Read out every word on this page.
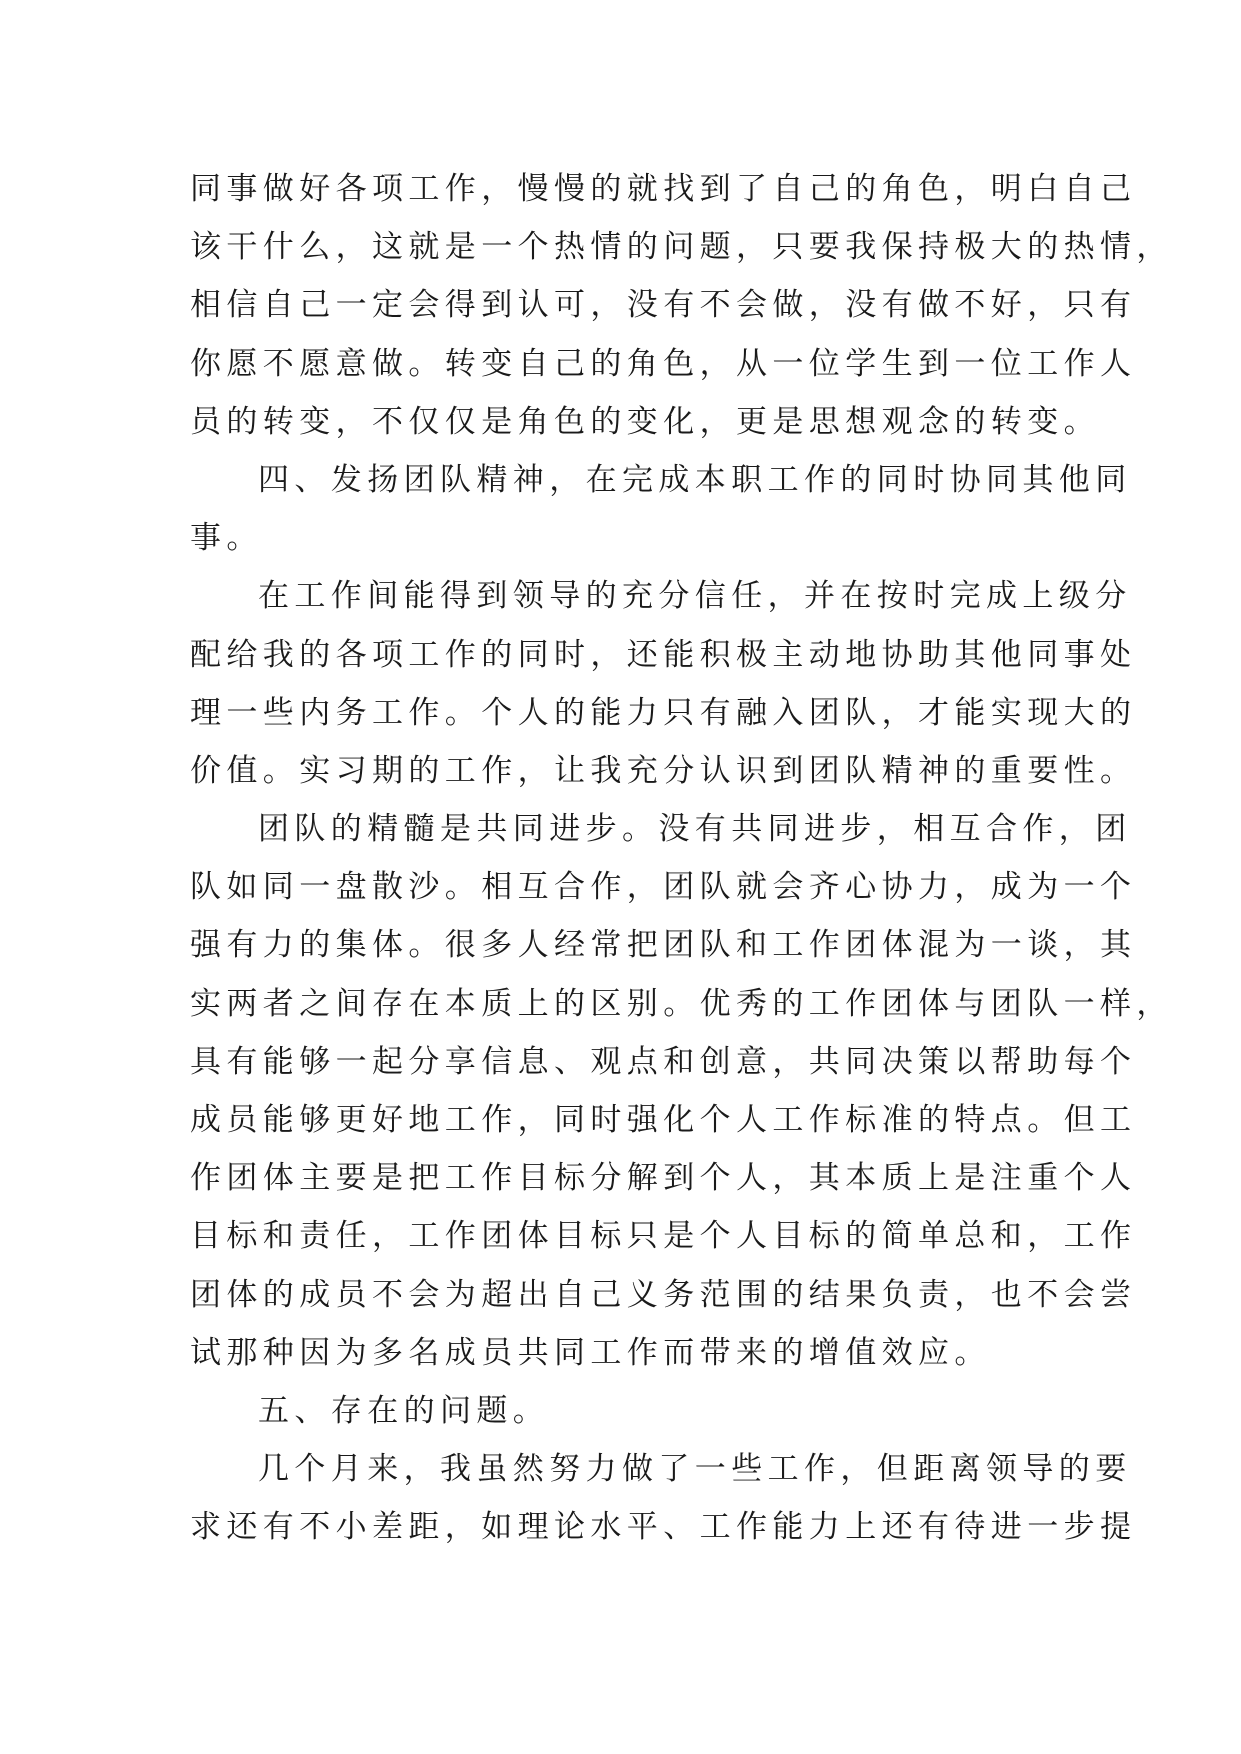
同事做好各项工作，慢慢的就找到了自己的角色，明白自己
该干什么，这就是一个热情的问题，只要我保持极大的热情，
相信自己一定会得到认可，没有不会做，没有做不好，只有
你愿不愿意做。转变自己的角色，从一位学生到一位工作人
员的转变，不仅仅是角色的变化，更是思想观念的转变。
四、发扬团队精神，在完成本职工作的同时协同其他同
事。
在工作间能得到领导的充分信任，并在按时完成上级分
配给我的各项工作的同时，还能积极主动地协助其他同事处
理一些内务工作。个人的能力只有融入团队，才能实现大的
价值。实习期的工作，让我充分认识到团队精神的重要性。
团队的精髓是共同进步。没有共同进步，相互合作，团
队如同一盘散沙。相互合作，团队就会齐心协力，成为一个
强有力的集体。很多人经常把团队和工作团体混为一谈，其
实两者之间存在本质上的区别。优秀的工作团体与团队一样，
具有能够一起分享信息、观点和创意，共同决策以帮助每个
成员能够更好地工作，同时强化个人工作标准的特点。但工
作团体主要是把工作目标分解到个人，其本质上是注重个人
目标和责任，工作团体目标只是个人目标的简单总和，工作
团体的成员不会为超出自己义务范围的结果负责，也不会尝
试那种因为多名成员共同工作而带来的增值效应。
五、存在的问题。
几个月来，我虽然努力做了一些工作，但距离领导的要
求还有不小差距，如理论水平、工作能力上还有待进一步提
